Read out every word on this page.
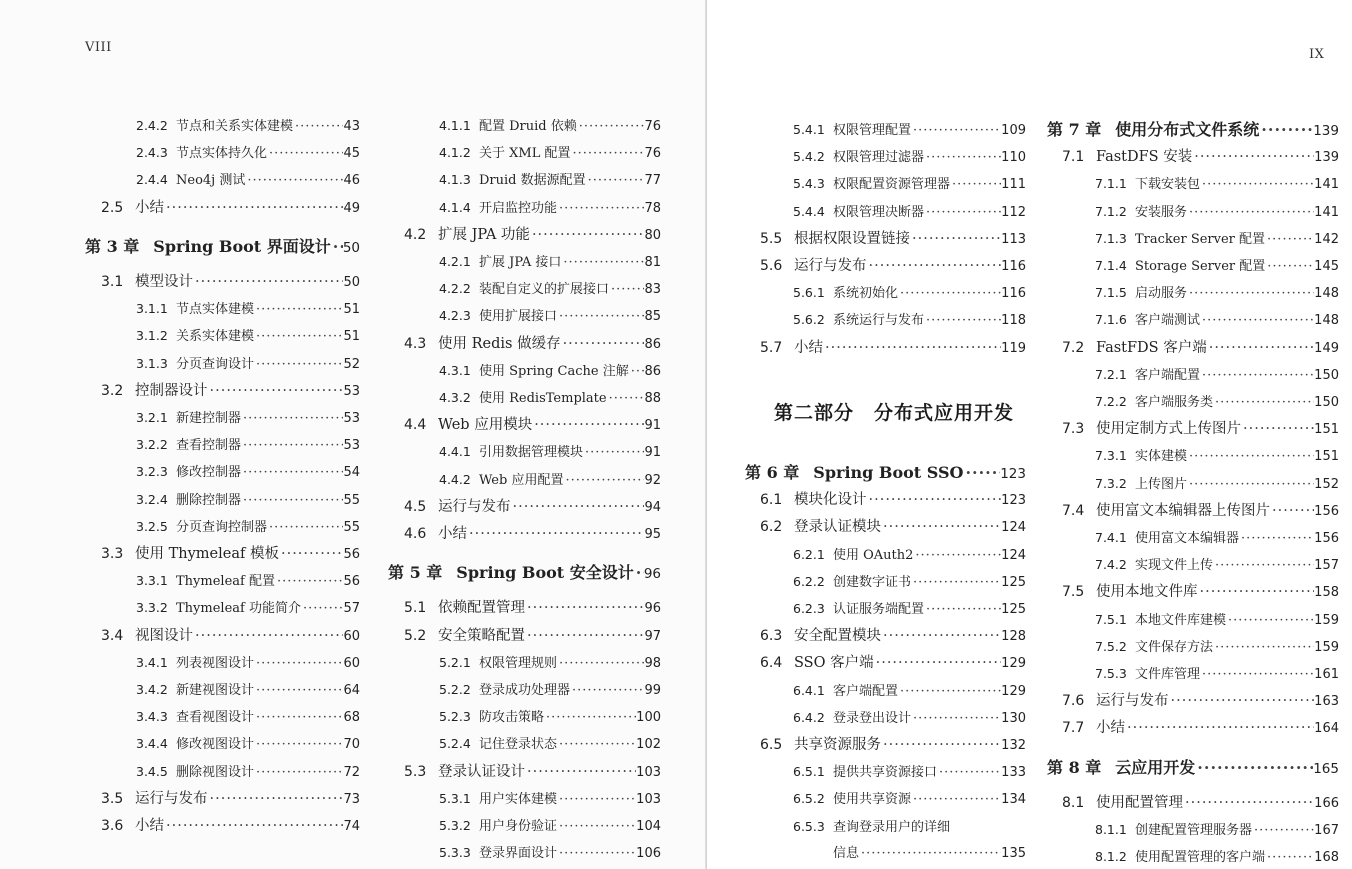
VIII
2.4.2 节点和关系实体建模 ·····	43
2.4.3 节点实体持久化 ·····	45
2.4.4 Neo4j 测试 ·····	46
2.5 小结 ·····	49
第 3 章 Spring Boot 界面设计 ····· 50
3.1 模型设计 ·····	50
3.1.1 节点实体建模 ·····	51
3.1.2 关系实体建模 ·····	51
3.1.3 分页查询设计 ·····	52
3.2 控制器设计 ·····	53
3.2.1 新建控制器 ·····	53
3.2.2 查看控制器 ·····	53
3.2.3 修改控制器 ·····	54
3.2.4 删除控制器 ·····	55
3.2.5 分页查询控制器 ·····	55
3.3 使用 Thymeleaf 模板 ·····	56
3.3.1 Thymeleaf 配置 ·····	56
3.3.2 Thymeleaf 功能简介 ·····	57
3.4 视图设计 ·····	60
3.4.1 列表视图设计 ·····	60
3.4.2 新建视图设计 ·····	64
3.4.3 查看视图设计 ·····	68
3.4.4 修改视图设计 ·····	70
3.4.5 删除视图设计 ·····	72
3.5 运行与发布 ·····	73
3.6 小结 ·····	74
4.1.1 配置 Druid 依赖 ·····	76
4.1.2 关于 XML 配置 ·····	76
4.1.3 Druid 数据源配置 ·····	77
4.1.4 开启监控功能 ·····	78
4.2 扩展 JPA 功能 ·····	80
4.2.1 扩展 JPA 接口 ·····	81
4.2.2 装配自定义的扩展接口 ·····	83
4.2.3 使用扩展接口 ·····	85
4.3 使用 Redis 做缓存 ·····	86
4.3.1 使用 Spring Cache 注解 ····· 86
4.3.2 使用 RedisTemplate ·····	88
4.4 Web 应用模块 ·····	91
4.4.1 引用数据管理模块 ·····	91
4.4.2 Web 应用配置 ·····	92
4.5 运行与发布 ·····	94
4.6 小结 ·····	95
第 5 章 Spring Boot 安全设计 ····· 96
5.1 依赖配置管理 ·····	96
5.2 安全策略配置 ·····	97
5.2.1 权限管理规则 ·····	98
5.2.2 登录成功处理器 ·····	99
5.2.3 防攻击策略 ·····	100
5.2.4 记住登录状态 ·····	102
5.3 登录认证设计 ·····	103
5.3.1 用户实体建模 ·····	103
5.3.2 用户身份验证 ·····	104
5.3.3 登录界面设计 ·····	106
IX
5.4.1 权限管理配置 ·····	109
5.4.2 权限管理过滤器 ·····	110
5.4.3 权限配置资源管理器 ·····	111
5.4.4 权限管理决断器 ·····	112
5.5 根据权限设置链接 ·····	113
5.6 运行与发布 ·····	116
5.6.1 系统初始化 ·····	116
5.6.2 系统运行与发布 ·····	118
5.7 小结 ·····	119
第二部分　分布式应用开发
第 6 章 Spring Boot SSO ·····	123
6.1 模块化设计 ·····	123
6.2 登录认证模块 ·····	124
6.2.1 使用 OAuth2 ·····	124
6.2.2 创建数字证书 ·····	125
6.2.3 认证服务端配置 ·····	125
6.3 安全配置模块 ·····	128
6.4 SSO 客户端 ·····	129
6.4.1 客户端配置 ·····	129
6.4.2 登录登出设计 ·····	130
6.5 共享资源服务 ·····	132
6.5.1 提供共享资源接口 ·····	133
6.5.2 使用共享资源 ·····	134
6.5.3 查询登录用户的详细
信息 ·····	135
第 7 章 使用分布式文件系统 ·····	139
7.1 FastDFS 安装 ·····	139
7.1.1 下载安装包 ·····	141
7.1.2 安装服务 ·····	141
7.1.3 Tracker Server 配置 ·····	142
7.1.4 Storage Server 配置 ·····	145
7.1.5 启动服务 ·····	148
7.1.6 客户端测试 ·····	148
7.2 FastFDS 客户端 ·····	149
7.2.1 客户端配置 ·····	150
7.2.2 客户端服务类 ·····	150
7.3 使用定制方式上传图片 ·····	151
7.3.1 实体建模 ·····	151
7.3.2 上传图片 ·····	152
7.4 使用富文本编辑器上传图片 ·····	156
7.4.1 使用富文本编辑器 ·····	156
7.4.2 实现文件上传 ·····	157
7.5 使用本地文件库 ·····	158
7.5.1 本地文件库建模 ·····	159
7.5.2 文件保存方法 ·····	159
7.5.3 文件库管理 ·····	161
7.6 运行与发布 ·····	163
7.7 小结 ·····	164
第 8 章 云应用开发 ·····	165
8.1 使用配置管理 ·····	166
8.1.1 创建配置管理服务器 ·····	167
8.1.2 使用配置管理的客户端 ·····	168
